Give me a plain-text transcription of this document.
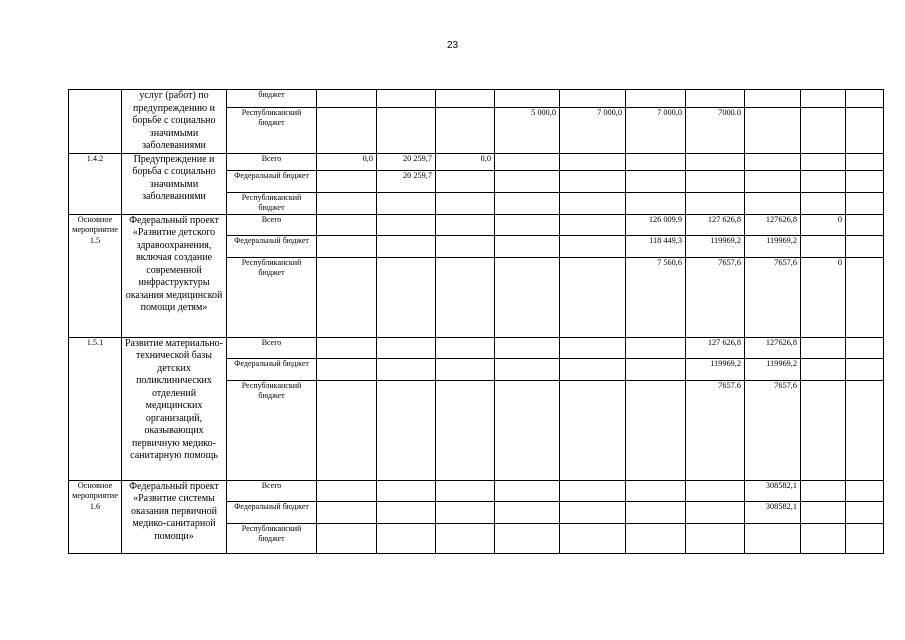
23
	услуг (работ) по предупреждению и борьбе с социально значимыми заболеваниями	бюджет										
		Республиканский бюджет				5 000,0	7 000,0	7 000,0	7000.0			
1.4.2	Предупреждение и борьба с социально значимыми заболеваниями	Всего	0,0	20 259,7	0,0							
		Федеральный бюджет		20 259,7								
		Республиканский бюджет										
Основное мероприятие 1.5	Федеральный проект «Развитие детского здравоохранения, включая создание современной инфраструктуры оказания медицинской помощи детям»	Всего						126 009.9	127 626,8	127626,8	0	
		Федеральный бюджет						118 449,3	119969,2	119969,2		
		Республиканский бюджет						7 560,6	7657,6	7657,6	0	
1.5.1	Развитие материально-технической базы детских поликлинических отделений медицинских организаций, оказывающих первичную медико-санитарную помощь	Всего							127 626,8	127626,8		
		Федеральный бюджет							119969,2	119969,2		
		Республиканский бюджет							7657.6	7657,6		
Основное мероприятие 1.6	Федеральный проект «Развитие системы оказания первичной медико-санитарной помощи»	Всего								308582,1		
		Федеральный бюджет								308582,1		
		Республиканский бюджет										
